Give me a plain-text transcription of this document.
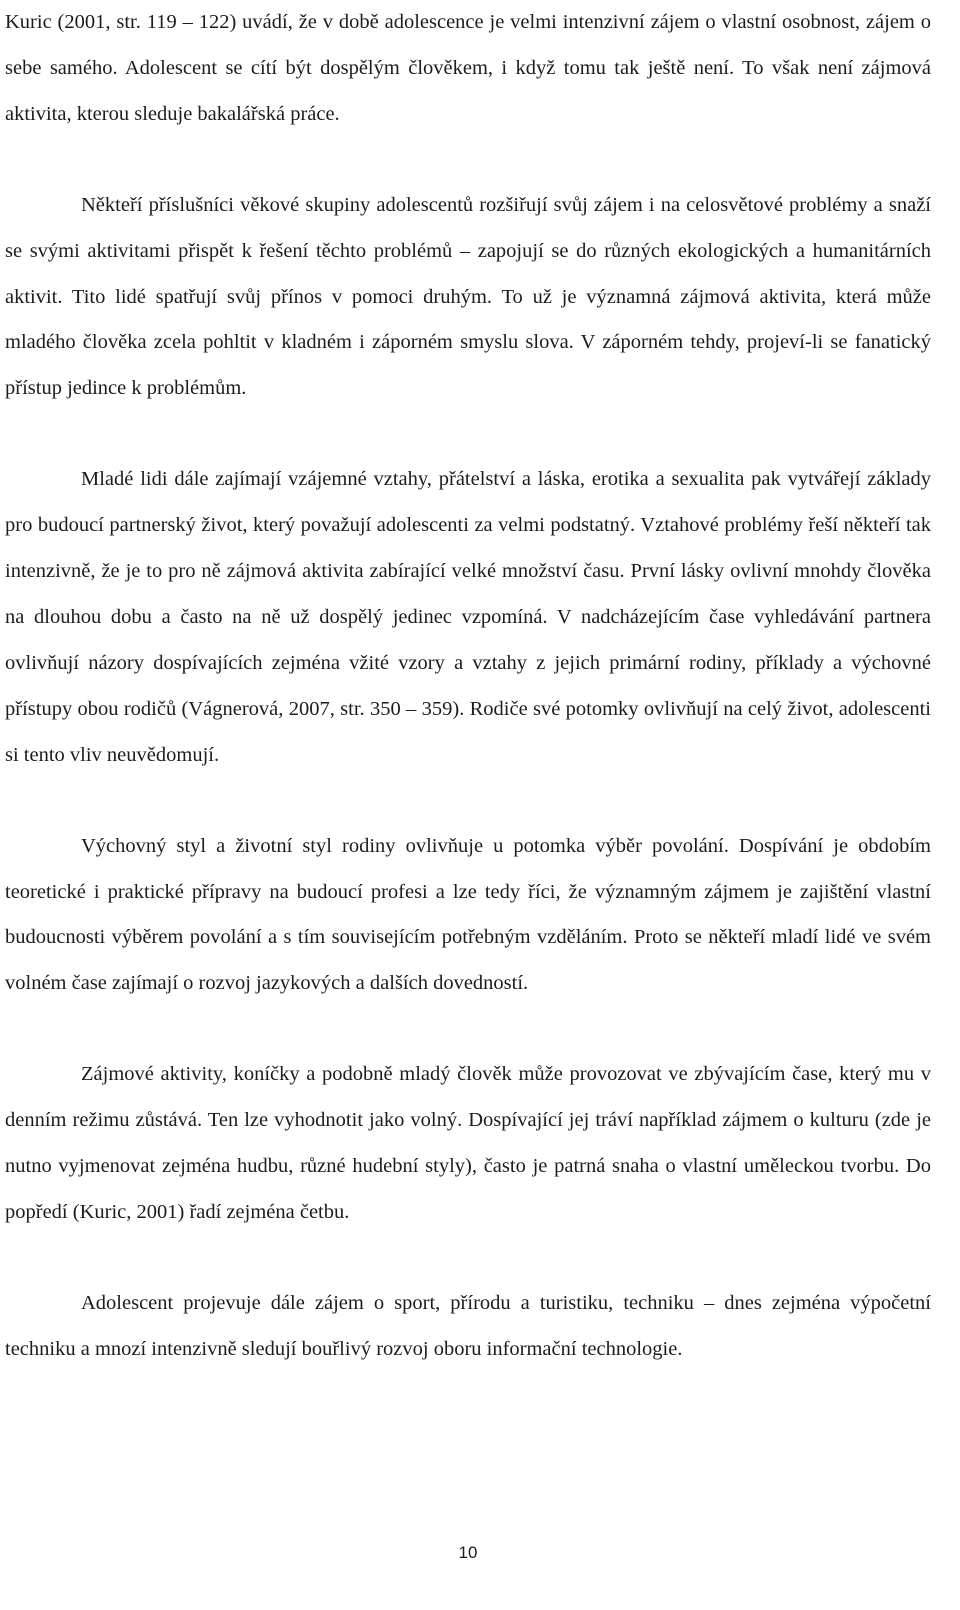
Kuric (2001, str. 119 – 122) uvádí, že v době adolescence je velmi intenzivní zájem o vlastní osobnost, zájem o sebe samého. Adolescent se cítí být dospělým člověkem, i když tomu tak ještě není. To však není zájmová aktivita, kterou sleduje bakalářská práce.

Někteří příslušníci věkové skupiny adolescentů rozšiřují svůj zájem i na celosvětové problémy a snaží se svými aktivitami přispět k řešení těchto problémů – zapojují se do různých ekologických a humanitárních aktivit. Tito lidé spatřují svůj přínos v pomoci druhým. To už je významná zájmová aktivita, která může mladého člověka zcela pohltit v kladném i záporném smyslu slova. V záporném tehdy, projeví-li se fanatický přístup jedince k problémům.

Mladé lidi dále zajímají vzájemné vztahy, přátelství a láska, erotika a sexualita pak vytvářejí základy pro budoucí partnerský život, který považují adolescenti za velmi podstatný. Vztahové problémy řeší někteří tak intenzivně, že je to pro ně zájmová aktivita zabírající velké množství času. První lásky ovlivní mnohdy člověka na dlouhou dobu a často na ně už dospělý jedinec vzpomíná. V nadcházejícím čase vyhledávání partnera ovlivňují názory dospívajících zejména vžité vzory a vztahy z jejich primární rodiny, příklady a výchovné přístupy obou rodičů (Vágnerová, 2007, str. 350 – 359). Rodiče své potomky ovlivňují na celý život, adolescenti si tento vliv neuvědomují.

Výchovný styl a životní styl rodiny ovlivňuje u potomka výběr povolání. Dospívání je obdobím teoretické i praktické přípravy na budoucí profesi a lze tedy říci, že významným zájmem je zajištění vlastní budoucnosti výběrem povolání a s tím souvisejícím potřebným vzděláním. Proto se někteří mladí lidé ve svém volném čase zajímají o rozvoj jazykových a dalších dovedností.

Zájmové aktivity, koníčky a podobně mladý člověk může provozovat ve zbývajícím čase, který mu v denním režimu zůstává. Ten lze vyhodnotit jako volný. Dospívající jej tráví například zájmem o kulturu (zde je nutno vyjmenovat zejména hudbu, různé hudební styly), často je patrná snaha o vlastní uměleckou tvorbu. Do popředí (Kuric, 2001) řadí zejména četbu.

Adolescent projevuje dále zájem o sport, přírodu a turistiku, techniku – dnes zejména výpočetní techniku a mnozí intenzivně sledují bouřlivý rozvoj oboru informační technologie.

10
